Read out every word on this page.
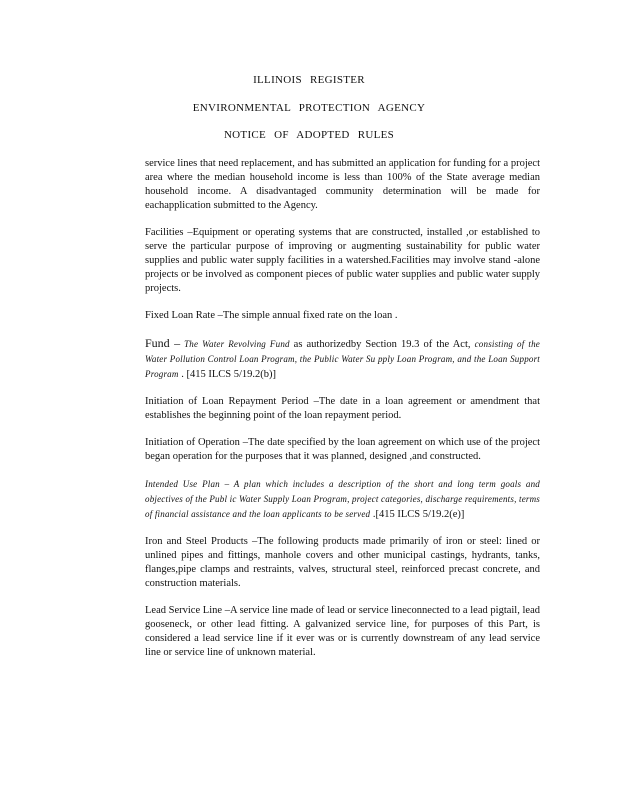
ILLINOIS REGISTER
ENVIRONMENTAL PROTECTION AGENCY
NOTICE OF ADOPTED RULES

service lines that need replacement, and has submitted an application for funding for a project area where the median household income is less than 100% of the State average median household income. A disadvantaged community determination will be made for eachapplication submitted to the Agency.

Facilities –Equipment or operating systems that are constructed, installed ,or established to serve the particular purpose of improving or augmenting sustainability for public water supplies and public water supply facilities in a watershed.Facilities may involve stand -alone projects or be involved as component pieces of public water supplies and public water supply projects.

Fixed Loan Rate –The simple annual fixed rate on the loan .

Fund – The Water Revolving Fund as authorizedby Section 19.3 of the Act, consisting of the Water Pollution Control Loan Program, the Public Water Su pply Loan Program, and the Loan Support Program . [415 ILCS 5/19.2(b)]

Initiation of Loan Repayment Period –The date in a loan agreement or amendment that establishes the beginning point of the loan repayment period.

Initiation of Operation –The date specified by the loan agreement on which use of the project began operation for the purposes that it was planned, designed ,and constructed.

Intended Use Plan – A plan which includes a description of the short and long term goals and objectives of the Publ ic Water Supply Loan Program, project categories, discharge requirements, terms of financial assistance and the loan applicants to be served .[415 ILCS 5/19.2(e)]

Iron and Steel Products –The following products made primarily of iron or steel: lined or unlined pipes and fittings, manhole covers and other municipal castings, hydrants, tanks, flanges,pipe clamps and restraints, valves, structural steel, reinforced precast concrete, and construction materials.

Lead Service Line –A service line made of lead or service lineconnected to a lead pigtail, lead gooseneck, or other lead fitting. A galvanized service line, for purposes of this Part, is considered a lead service line if it ever was or is currently downstream of any lead service line or service line of unknown material.
